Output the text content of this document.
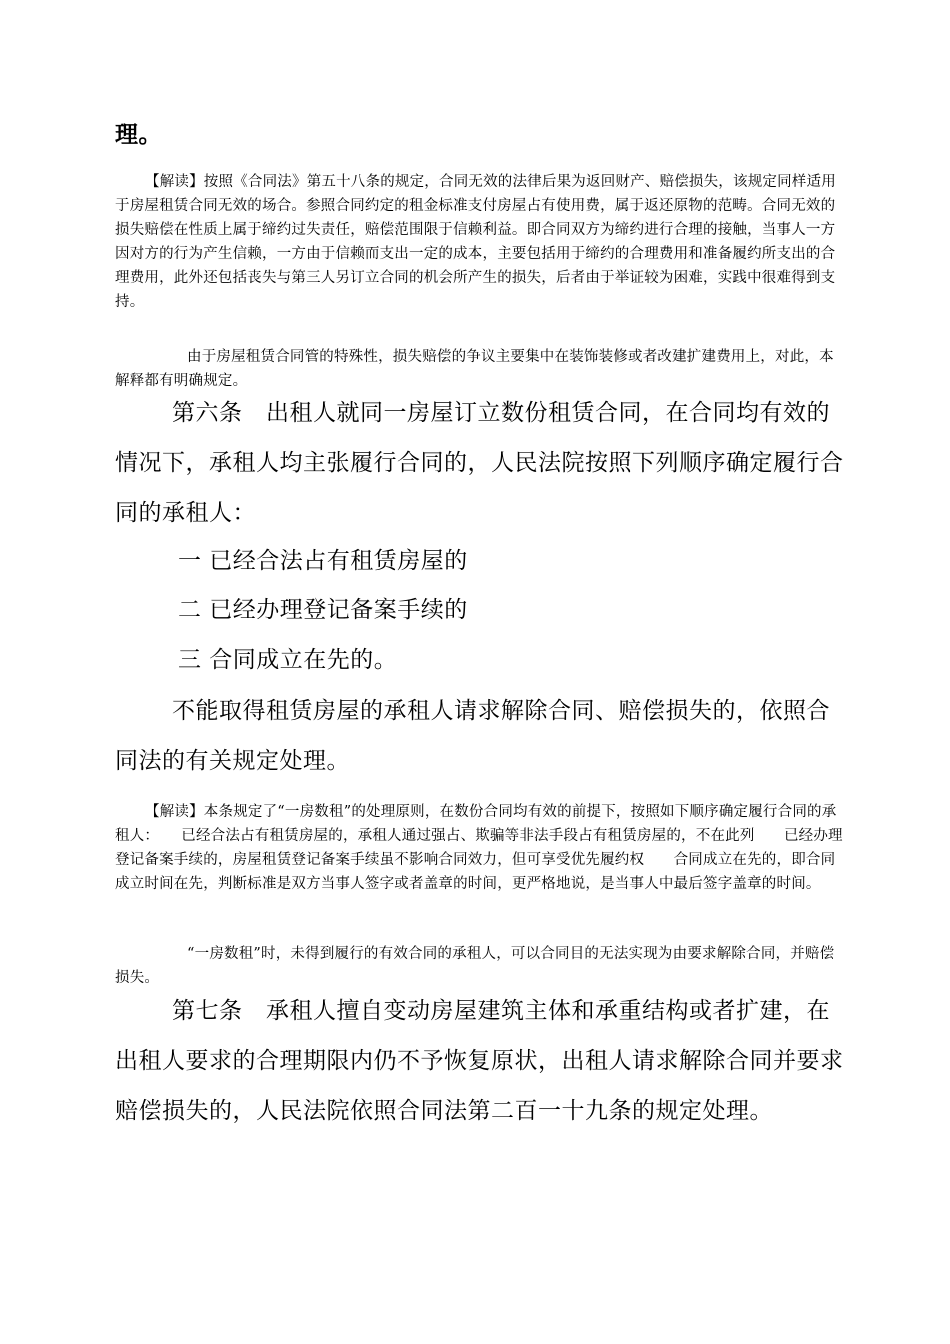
理。

【解读】按照《合同法》第五十八条的规定，合同无效的法律后果为返回财产、赔偿损失，该规定同样适用于房屋租赁合同无效的场合。参照合同约定的租金标准支付房屋占有使用费，属于返还原物的范畴。合同无效的损失赔偿在性质上属于缔约过失责任，赔偿范围限于信赖利益。即合同双方为缔约进行合理的接触，当事人一方因对方的行为产生信赖，一方由于信赖而支出一定的成本，主要包括用于缔约的合理费用和准备履约所支出的合理费用，此外还包括丧失与第三人另订立合同的机会所产生的损失，后者由于举证较为困难，实践中很难得到支持。

由于房屋租赁合同管的特殊性，损失赔偿的争议主要集中在装饰装修或者改建扩建费用上，对此，本解释都有明确规定。

第六条　出租人就同一房屋订立数份租赁合同，在合同均有效的情况下，承租人均主张履行合同的，人民法院按照下列顺序确定履行合同的承租人：

一 已经合法占有租赁房屋的

二 已经办理登记备案手续的

三 合同成立在先的。

不能取得租赁房屋的承租人请求解除合同、赔偿损失的，依照合同法的有关规定处理。

【解读】本条规定了“一房数租”的处理原则，在数份合同均有效的前提下，按照如下顺序确定履行合同的承租人：　　已经合法占有租赁房屋的，承租人通过强占、欺骗等非法手段占有租赁房屋的，不在此列　　已经办理登记备案手续的，房屋租赁登记备案手续虽不影响合同效力，但可享受优先履约权　　合同成立在先的，即合同成立时间在先，判断标准是双方当事人签字或者盖章的时间，更严格地说，是当事人中最后签字盖章的时间。

“一房数租”时，未得到履行的有效合同的承租人，可以合同目的无法实现为由要求解除合同，并赔偿损失。

第七条　承租人擅自变动房屋建筑主体和承重结构或者扩建，在出租人要求的合理期限内仍不予恢复原状，出租人请求解除合同并要求赔偿损失的，人民法院依照合同法第二百一十九条的规定处理。
